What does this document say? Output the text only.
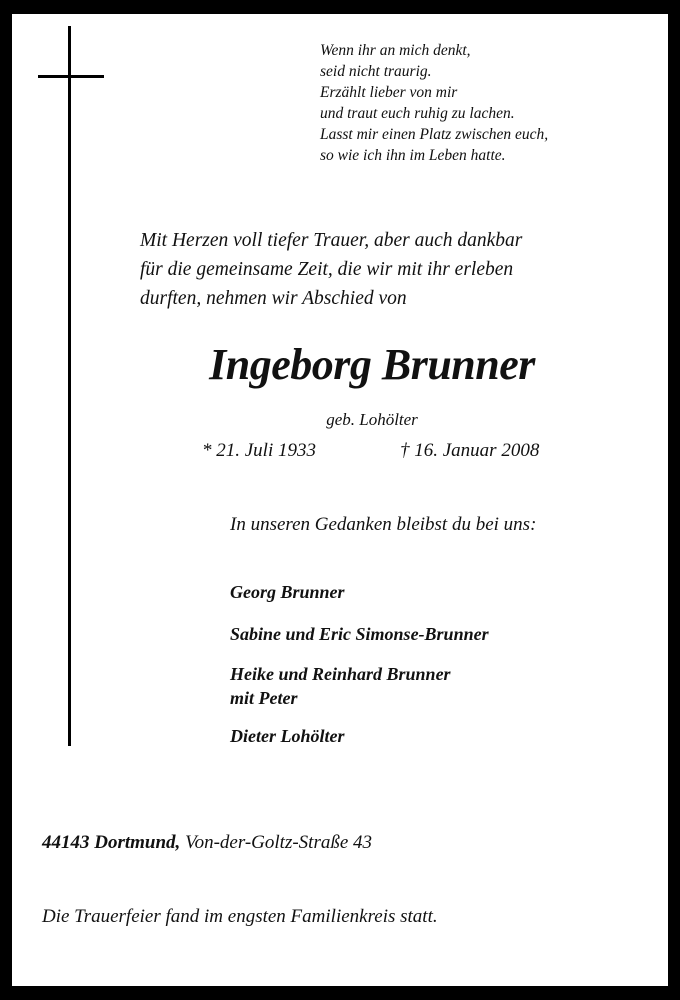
Wenn ihr an mich denkt,
seid nicht traurig.
Erzählt lieber von mir
und traut euch ruhig zu lachen.
Lasst mir einen Platz zwischen euch,
so wie ich ihn im Leben hatte.
Mit Herzen voll tiefer Trauer, aber auch dankbar
für die gemeinsame Zeit, die wir mit ihr erleben
durften, nehmen wir Abschied von
Ingeborg Brunner
geb. Lohölter
* 21. Juli 1933	† 16. Januar 2008
In unseren Gedanken bleibst du bei uns:
Georg Brunner
Sabine und Eric Simonse-Brunner
Heike und Reinhard Brunner
mit Peter
Dieter Lohölter
44143 Dortmund, Von-der-Goltz-Straße 43
Die Trauerfeier fand im engsten Familienkreis statt.
